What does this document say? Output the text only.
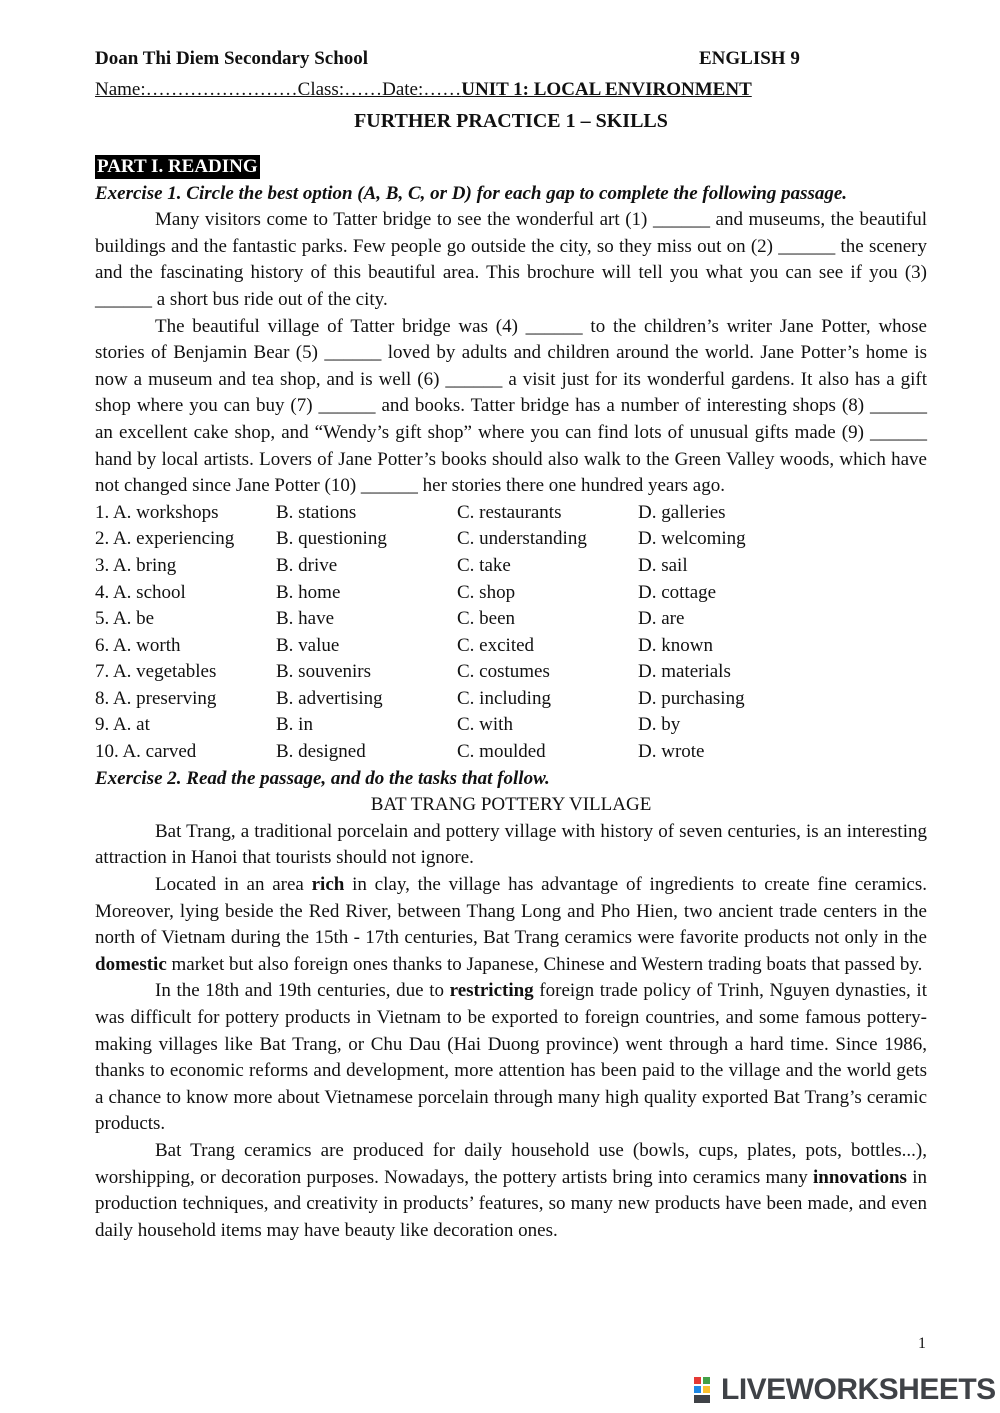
Doan Thi Diem Secondary School	ENGLISH 9
Name:……………………Class:……Date:……UNIT 1: LOCAL ENVIRONMENT
FURTHER PRACTICE 1 – SKILLS
PART I. READING
Exercise 1. Circle the best option (A, B, C, or D) for each gap to complete the following passage.

Many visitors come to Tatter bridge to see the wonderful art (1) ______ and museums, the beautiful buildings and the fantastic parks. Few people go outside the city, so they miss out on (2) ______ the scenery and the fascinating history of this beautiful area. This brochure will tell you what you can see if you (3) ______ a short bus ride out of the city.

The beautiful village of Tatter bridge was (4) ______ to the children’s writer Jane Potter, whose stories of Benjamin Bear (5) ______ loved by adults and children around the world. Jane Potter’s home is now a museum and tea shop, and is well (6) ______ a visit just for its wonderful gardens. It also has a gift shop where you can buy (7) ______ and books. Tatter bridge has a number of interesting shops (8) ______ an excellent cake shop, and “Wendy’s gift shop” where you can find lots of unusual gifts made (9) ______ hand by local artists. Lovers of Jane Potter’s books should also walk to the Green Valley woods, which have not changed since Jane Potter (10) ______ her stories there one hundred years ago.

1. A. workshops	B. stations	C. restaurants	D. galleries
2. A. experiencing	B. questioning	C. understanding	D. welcoming
3. A. bring	B. drive	C. take	D. sail
4. A. school	B. home	C. shop	D. cottage
5. A. be	B. have	C. been	D. are
6. A. worth	B. value	C. excited	D. known
7. A. vegetables	B. souvenirs	C. costumes	D. materials
8. A. preserving	B. advertising	C. including	D. purchasing
9. A. at	B. in	C. with	D. by
10. A. carved	B. designed	C. moulded	D. wrote
Exercise 2. Read the passage, and do the tasks that follow.
BAT TRANG POTTERY VILLAGE

Bat Trang, a traditional porcelain and pottery village with history of seven centuries, is an interesting attraction in Hanoi that tourists should not ignore.

Located in an area rich in clay, the village has advantage of ingredients to create fine ceramics. Moreover, lying beside the Red River, between Thang Long and Pho Hien, two ancient trade centers in the north of Vietnam during the 15th - 17th centuries, Bat Trang ceramics were favorite products not only in the domestic market but also foreign ones thanks to Japanese, Chinese and Western trading boats that passed by.

In the 18th and 19th centuries, due to restricting foreign trade policy of Trinh, Nguyen dynasties, it was difficult for pottery products in Vietnam to be exported to foreign countries, and some famous pottery-making villages like Bat Trang, or Chu Dau (Hai Duong province) went through a hard time. Since 1986, thanks to economic reforms and development, more attention has been paid to the village and the world gets a chance to know more about Vietnamese porcelain through many high quality exported Bat Trang’s ceramic products.

Bat Trang ceramics are produced for daily household use (bowls, cups, plates, pots, bottles...), worshipping, or decoration purposes. Nowadays, the pottery artists bring into ceramics many innovations in production techniques, and creativity in products’ features, so many new products have been made, and even daily household items may have beauty like decoration ones.

1
LIVEWORKSHEETS
